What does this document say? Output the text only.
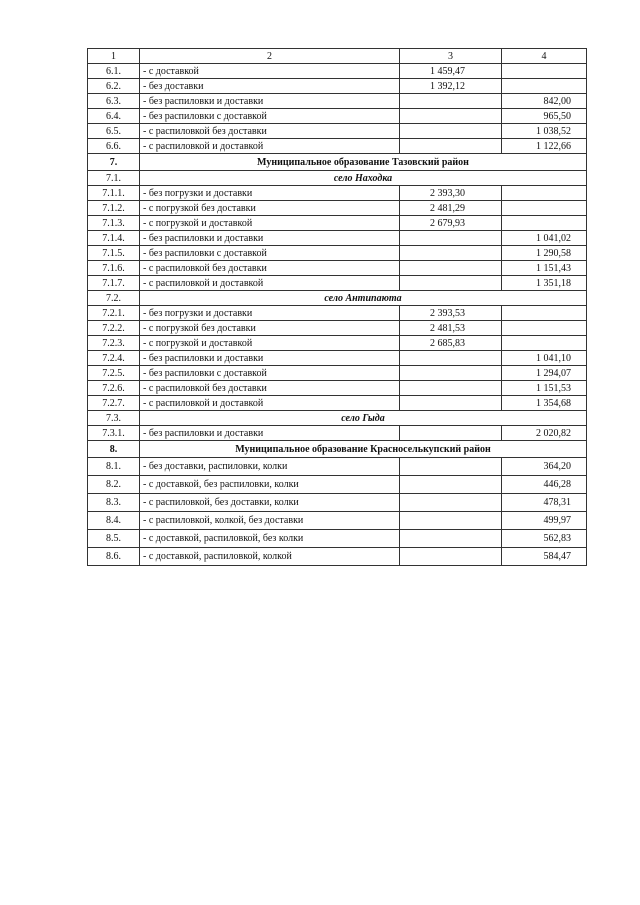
1	2	3	4
6.1.	- с доставкой	1 459,47	
6.2.	- без доставки	1 392,12	
6.3.	- без распиловки и доставки		842,00
6.4.	- без распиловки с доставкой		965,50
6.5.	- с распиловкой без доставки		1 038,52
6.6.	- с распиловкой и доставкой		1 122,66
7.	Муниципальное образование Тазовский район		
7.1.	село Находка		
7.1.1.	- без погрузки и доставки	2 393,30	
7.1.2.	- с погрузкой без доставки	2 481,29	
7.1.3.	- с погрузкой и доставкой	2 679,93	
7.1.4.	- без распиловки и доставки		1 041,02
7.1.5.	- без распиловки с доставкой		1 290,58
7.1.6.	- с распиловкой без доставки		1 151,43
7.1.7.	- с распиловкой и доставкой		1 351,18
7.2.	село Антипаюта		
7.2.1.	- без погрузки и доставки	2 393,53	
7.2.2.	- с погрузкой без доставки	2 481,53	
7.2.3.	- с погрузкой и доставкой	2 685,83	
7.2.4.	- без распиловки и доставки		1 041,10
7.2.5.	- без распиловки с доставкой		1 294,07
7.2.6.	- с распиловкой без доставки		1 151,53
7.2.7.	- с распиловкой и доставкой		1 354,68
7.3.	село Гыда		
7.3.1.	- без распиловки и доставки		2 020,82
8.	Муниципальное образование Красноселькупский район		
8.1.	- без доставки, распиловки, колки		364,20
8.2.	- с доставкой, без распиловки, колки		446,28
8.3.	- с распиловкой, без доставки, колки		478,31
8.4.	- с распиловкой, колкой, без доставки		499,97
8.5.	- с доставкой, распиловкой, без колки		562,83
8.6.	- с доставкой, распиловкой, колкой		584,47
